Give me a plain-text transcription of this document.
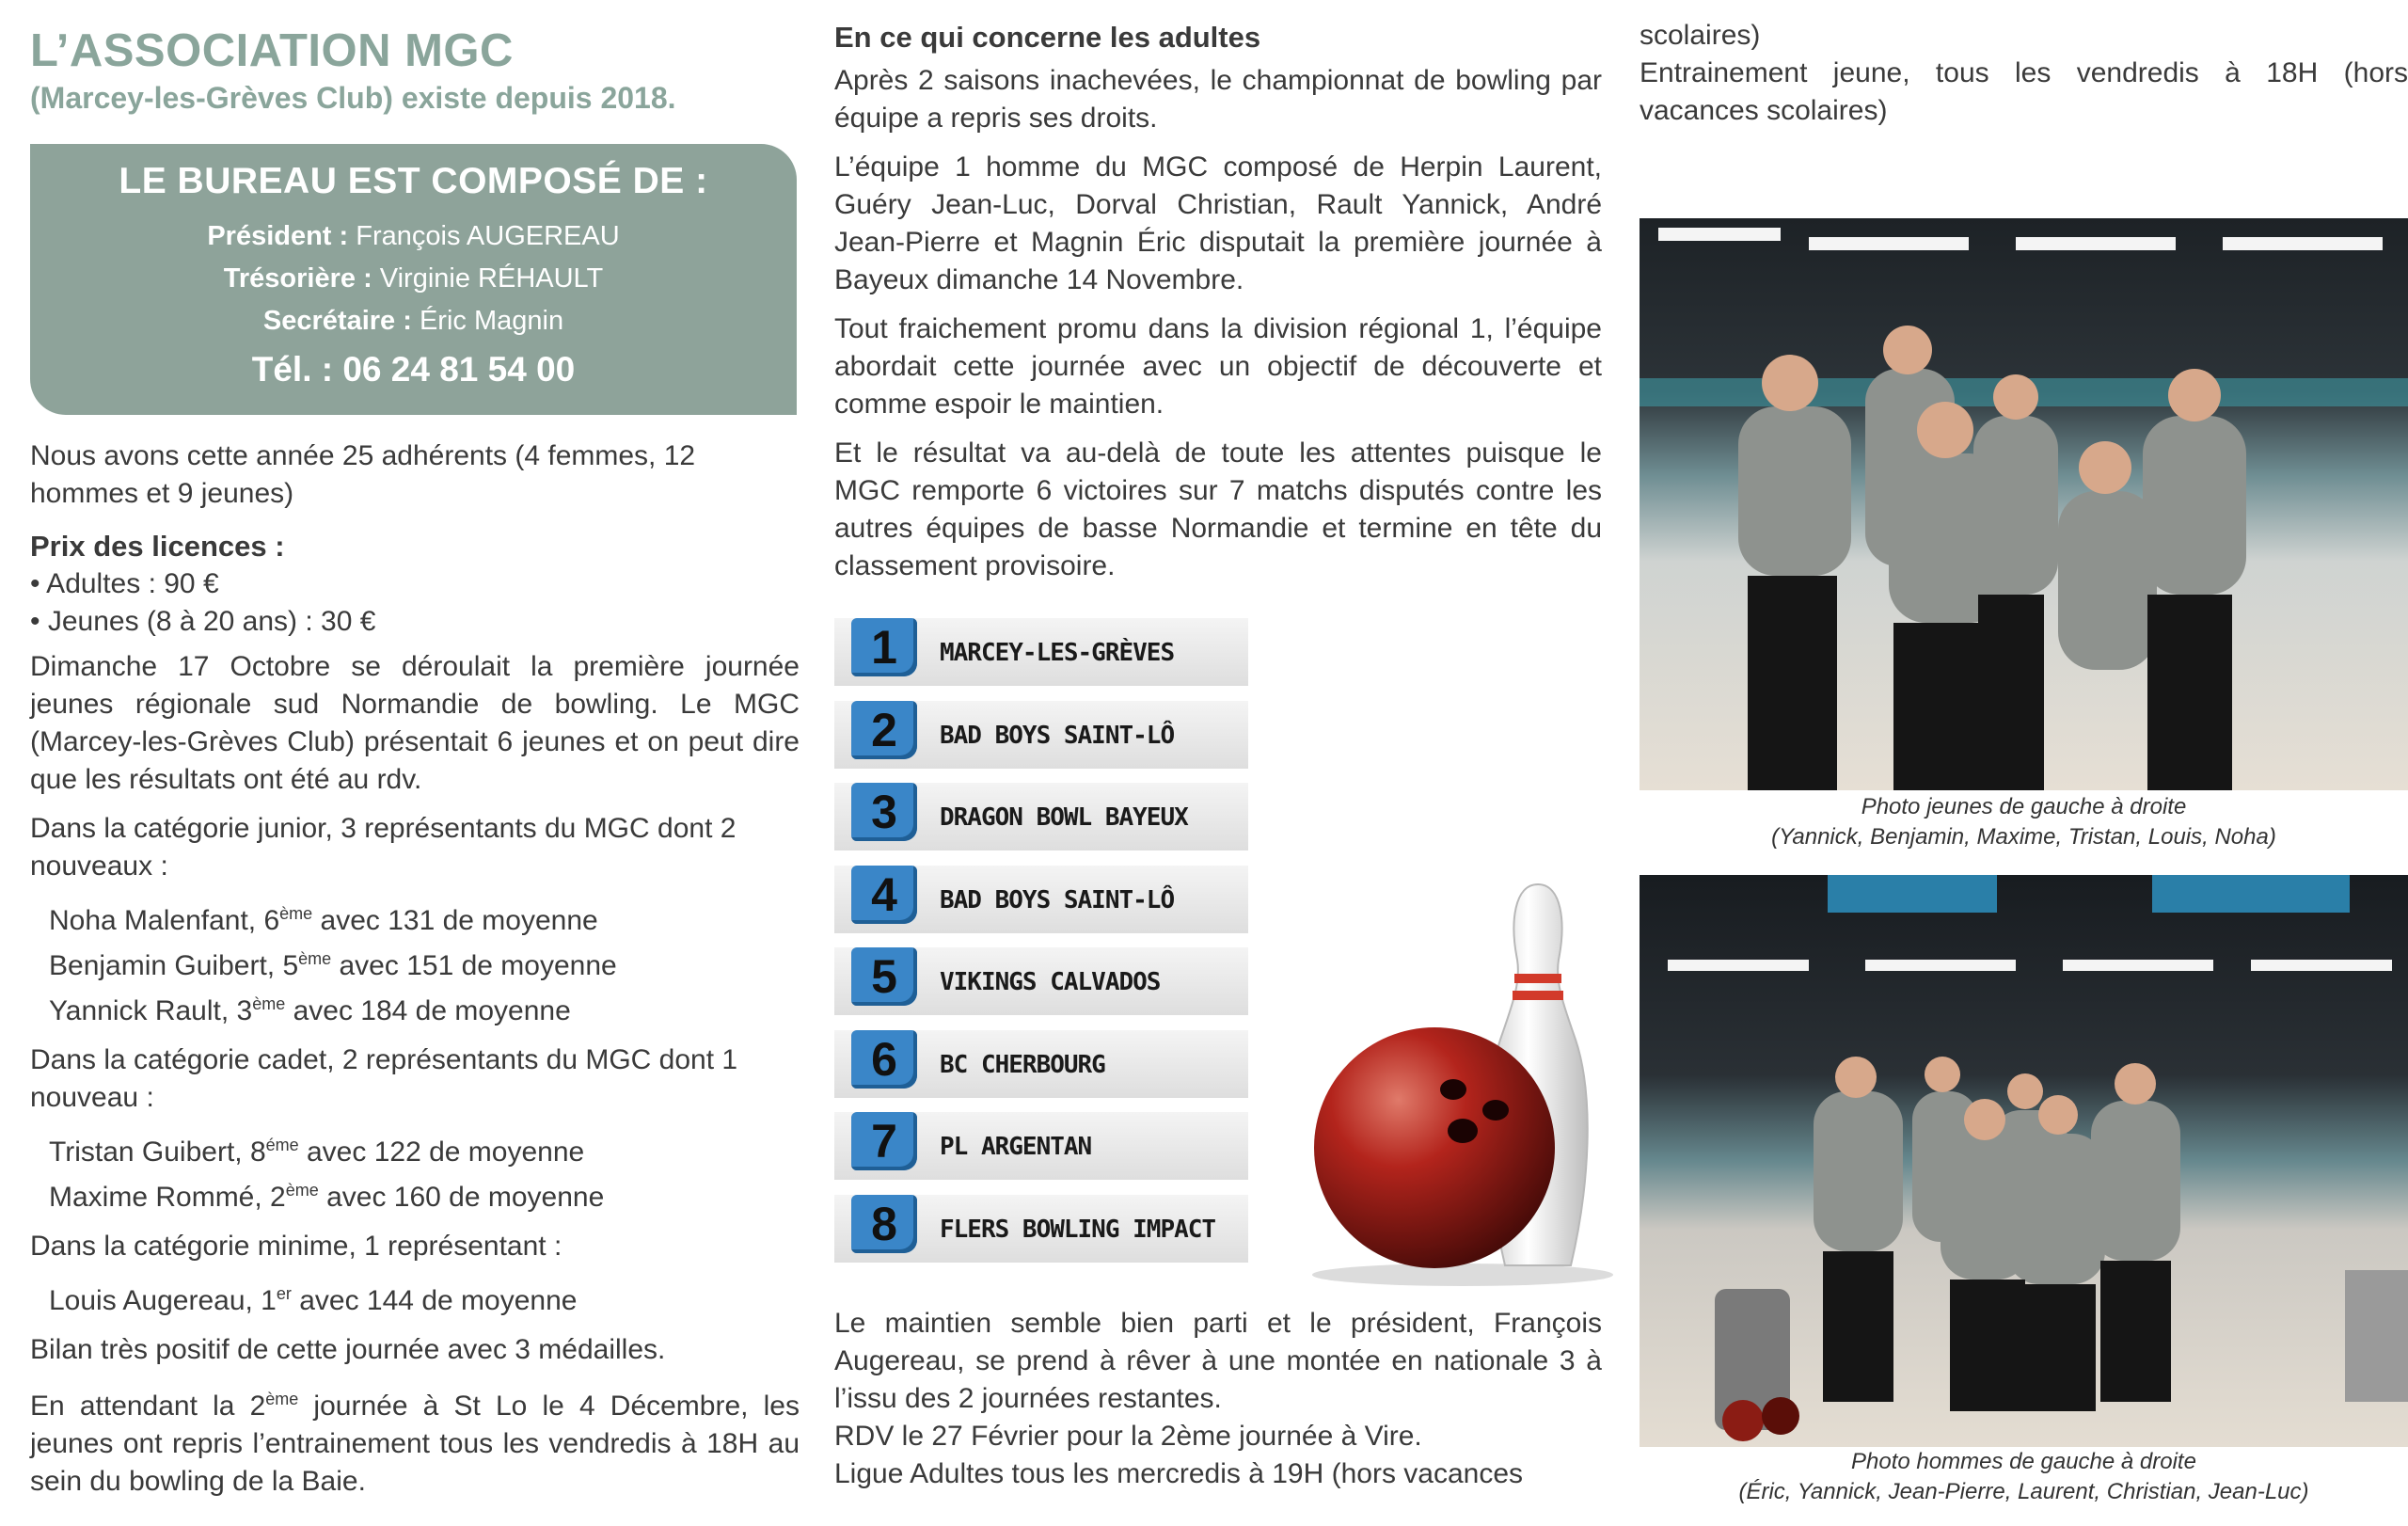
L’ASSOCIATION MGC
(Marcey-les-Grèves Club) existe depuis 2018.
LE BUREAU EST COMPOSÉ DE :
Président : François AUGEREAU
Trésorière : Virginie RÉHAULT
Secrétaire : Éric Magnin
Tél. : 06 24 81 54 00

Nous avons cette année 25 adhérents (4 femmes, 12 hommes et 9 jeunes)

Prix des licences :

• Adultes : 90 €

• Jeunes (8 à 20 ans) : 30 €

Dimanche 17 Octobre se déroulait la première journée jeunes régionale sud Normandie de bowling. Le MGC (Marcey-les-Grèves Club) présentait 6 jeunes et on peut dire que les résultats ont été au rdv.

Dans la catégorie junior, 3 représentants du MGC dont 2 nouveaux :

Noha Malenfant, 6ème avec 131 de moyenne

Benjamin Guibert, 5ème avec 151 de moyenne

Yannick Rault, 3ème avec 184 de moyenne

Dans la catégorie cadet, 2 représentants du MGC dont 1 nouveau :

Tristan Guibert, $8^{éme}$ avec 122 de moyenne

Maxime Rommé, 2ème avec 160 de moyenne

Dans la catégorie minime, 1 représentant :

Louis Augereau, 1er avec 144 de moyenne

Bilan très positif de cette journée avec 3 médailles.

En attendant la 2ème journée à St Lo le 4 Décembre, les jeunes ont repris l’entrainement tous les vendredis à 18H au sein du bowling de la Baie.

En ce qui concerne les adultes

Après 2 saisons inachevées, le championnat de bowling par équipe a repris ses droits.

L’équipe 1 homme du MGC composé de Herpin Laurent, Guéry Jean-Luc, Dorval Christian, Rault Yannick, André Jean-Pierre et Magnin Éric disputait la première journée à Bayeux dimanche 14 Novembre.

Tout fraichement promu dans la division régional 1, l’équipe abordait cette journée avec un objectif de découverte et comme espoir le maintien.

Et le résultat va au-delà de toute les attentes puisque le MGC remporte 6 victoires sur 7 matchs disputés contre les autres équipes de basse Normandie et termine en tête du classement provisoire.

1	MARCEY-LES-GRÈVES
2	BAD BOYS SAINT-LÔ
3	DRAGON BOWL BAYEUX
4	BAD BOYS SAINT-LÔ
5	VIKINGS CALVADOS
6	BC CHERBOURG
7	PL ARGENTAN
8	FLERS BOWLING IMPACT

Le maintien semble bien parti et le président, François Augereau, se prend à rêver à une montée en nationale 3 à l’issu des 2 journées restantes.

RDV le 27 Février pour la 2ème journée à Vire.

Ligue Adultes tous les mercredis à 19H (hors vacances

scolaires)

Entrainement jeune, tous les vendredis à 18H (hors vacances scolaires)

Photo jeunes de gauche à droite
(Yannick, Benjamin, Maxime, Tristan, Louis, Noha)
Photo hommes de gauche à droite
(Éric, Yannick, Jean-Pierre, Laurent, Christian, Jean-Luc)
